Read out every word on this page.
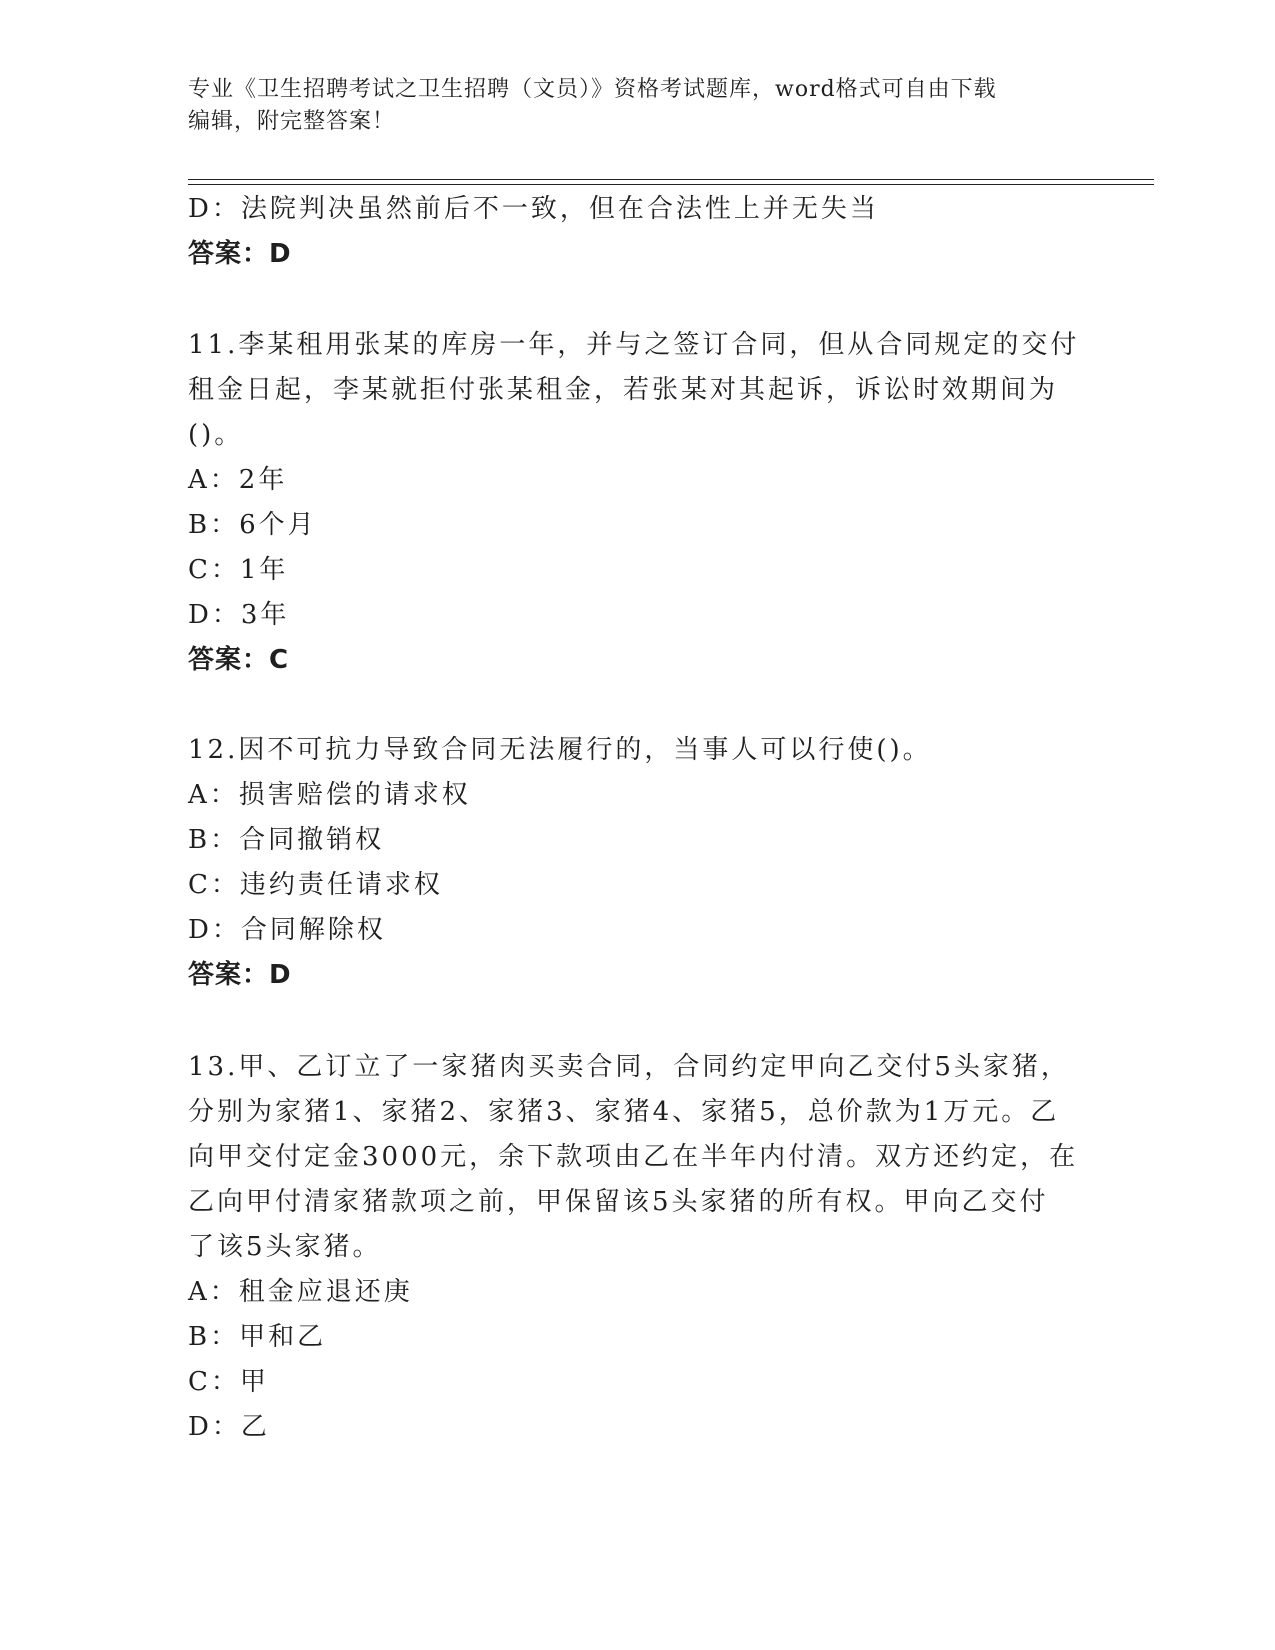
专业《卫生招聘考试之卫生招聘（文员）》资格考试题库，word格式可自由下载
编辑，附完整答案！
D：法院判决虽然前后不一致，但在合法性上并无失当
答案：D
11.李某租用张某的库房一年，并与之签订合同，但从合同规定的交付
租金日起，李某就拒付张某租金，若张某对其起诉，诉讼时效期间为
()。
A：2年
B：6个月
C：1年
D：3年
答案：C
12.因不可抗力导致合同无法履行的，当事人可以行使()。
A：损害赔偿的请求权
B：合同撤销权
C：违约责任请求权
D：合同解除权
答案：D
13.甲、乙订立了一家猪肉买卖合同，合同约定甲向乙交付5头家猪，
分别为家猪1、家猪2、家猪3、家猪4、家猪5，总价款为1万元。乙
向甲交付定金3000元，余下款项由乙在半年内付清。双方还约定，在
乙向甲付清家猪款项之前，甲保留该5头家猪的所有权。甲向乙交付
了该5头家猪。
A：租金应退还庚
B：甲和乙
C：甲
D：乙
